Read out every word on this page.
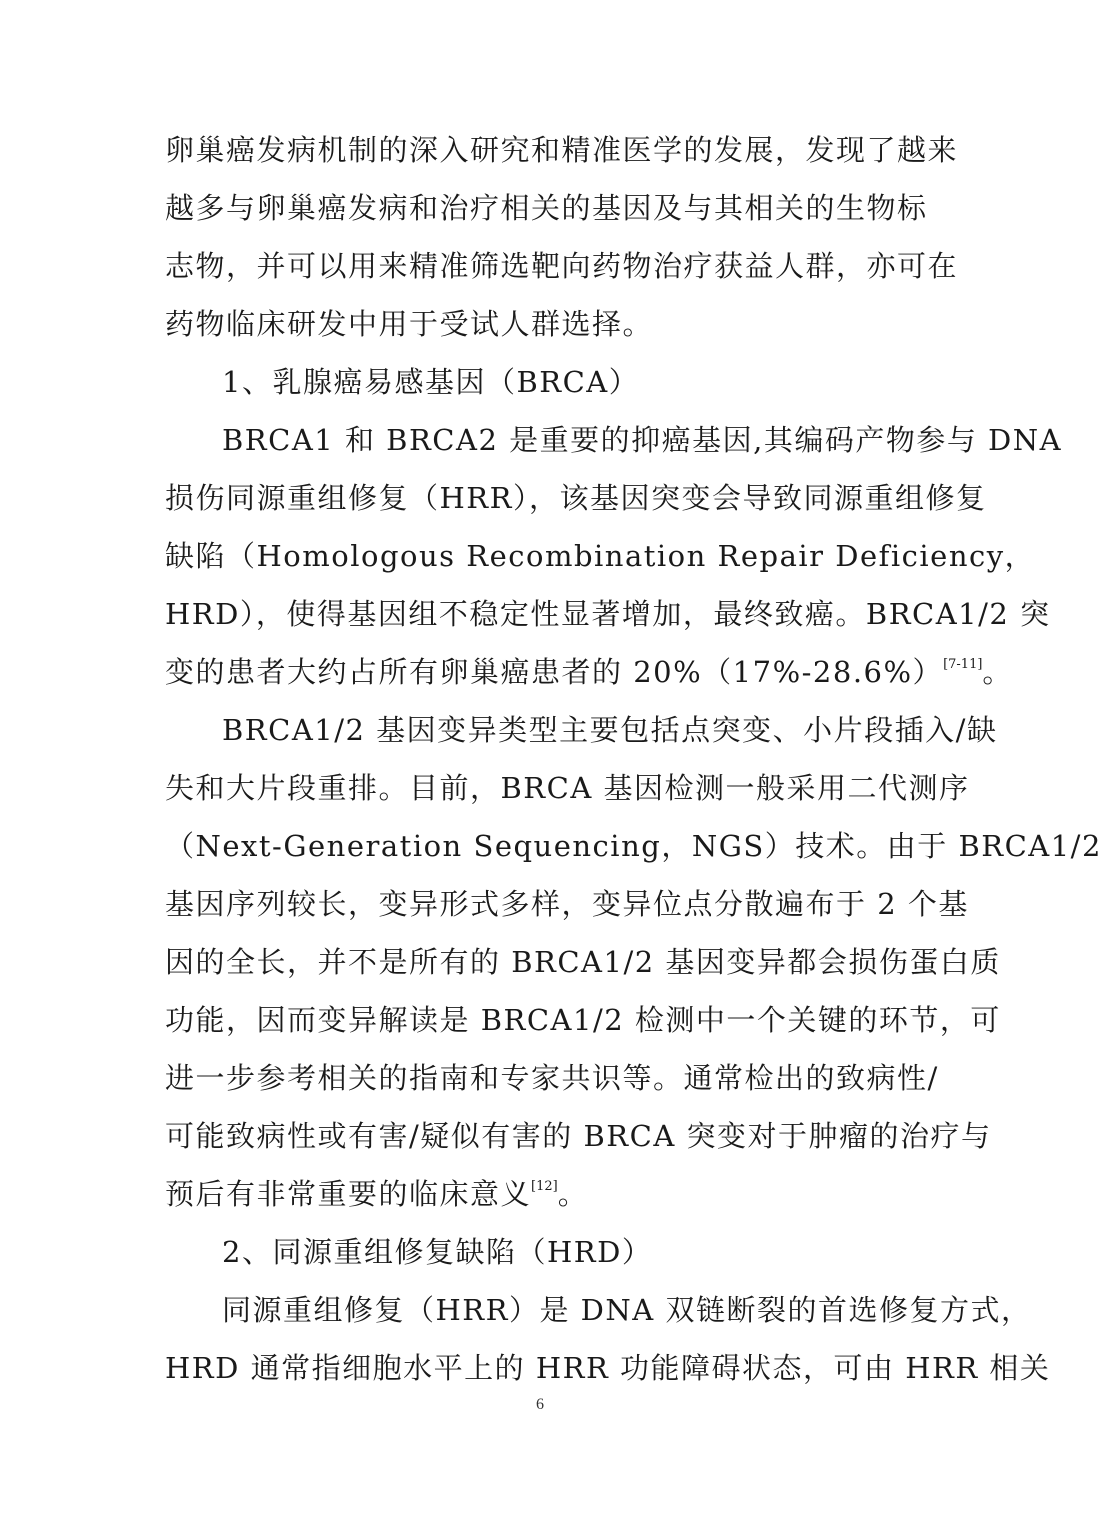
卵巢癌发病机制的深入研究和精准医学的发展，发现了越来
越多与卵巢癌发病和治疗相关的基因及与其相关的生物标
志物，并可以用来精准筛选靶向药物治疗获益人群，亦可在
药物临床研发中用于受试人群选择。
1、乳腺癌易感基因（BRCA）
BRCA1 和 BRCA2 是重要的抑癌基因,其编码产物参与 DNA
损伤同源重组修复（HRR），该基因突变会导致同源重组修复
缺陷（Homologous Recombination Repair Deficiency，
HRD），使得基因组不稳定性显著增加，最终致癌。BRCA1/2 突
变的患者大约占所有卵巢癌患者的 20%（17%-28.6%）[7-11]。
BRCA1/2 基因变异类型主要包括点突变、小片段插入/缺
失和大片段重排。目前，BRCA 基因检测一般采用二代测序
（Next-Generation Sequencing，NGS）技术。由于 BRCA1/2
基因序列较长，变异形式多样，变异位点分散遍布于 2 个基
因的全长，并不是所有的 BRCA1/2 基因变异都会损伤蛋白质
功能，因而变异解读是 BRCA1/2 检测中一个关键的环节，可
进一步参考相关的指南和专家共识等。通常检出的致病性/
可能致病性或有害/疑似有害的 BRCA 突变对于肿瘤的治疗与
预后有非常重要的临床意义[12]。
2、同源重组修复缺陷（HRD）
同源重组修复（HRR）是 DNA 双链断裂的首选修复方式，
HRD 通常指细胞水平上的 HRR 功能障碍状态，可由 HRR 相关
6
